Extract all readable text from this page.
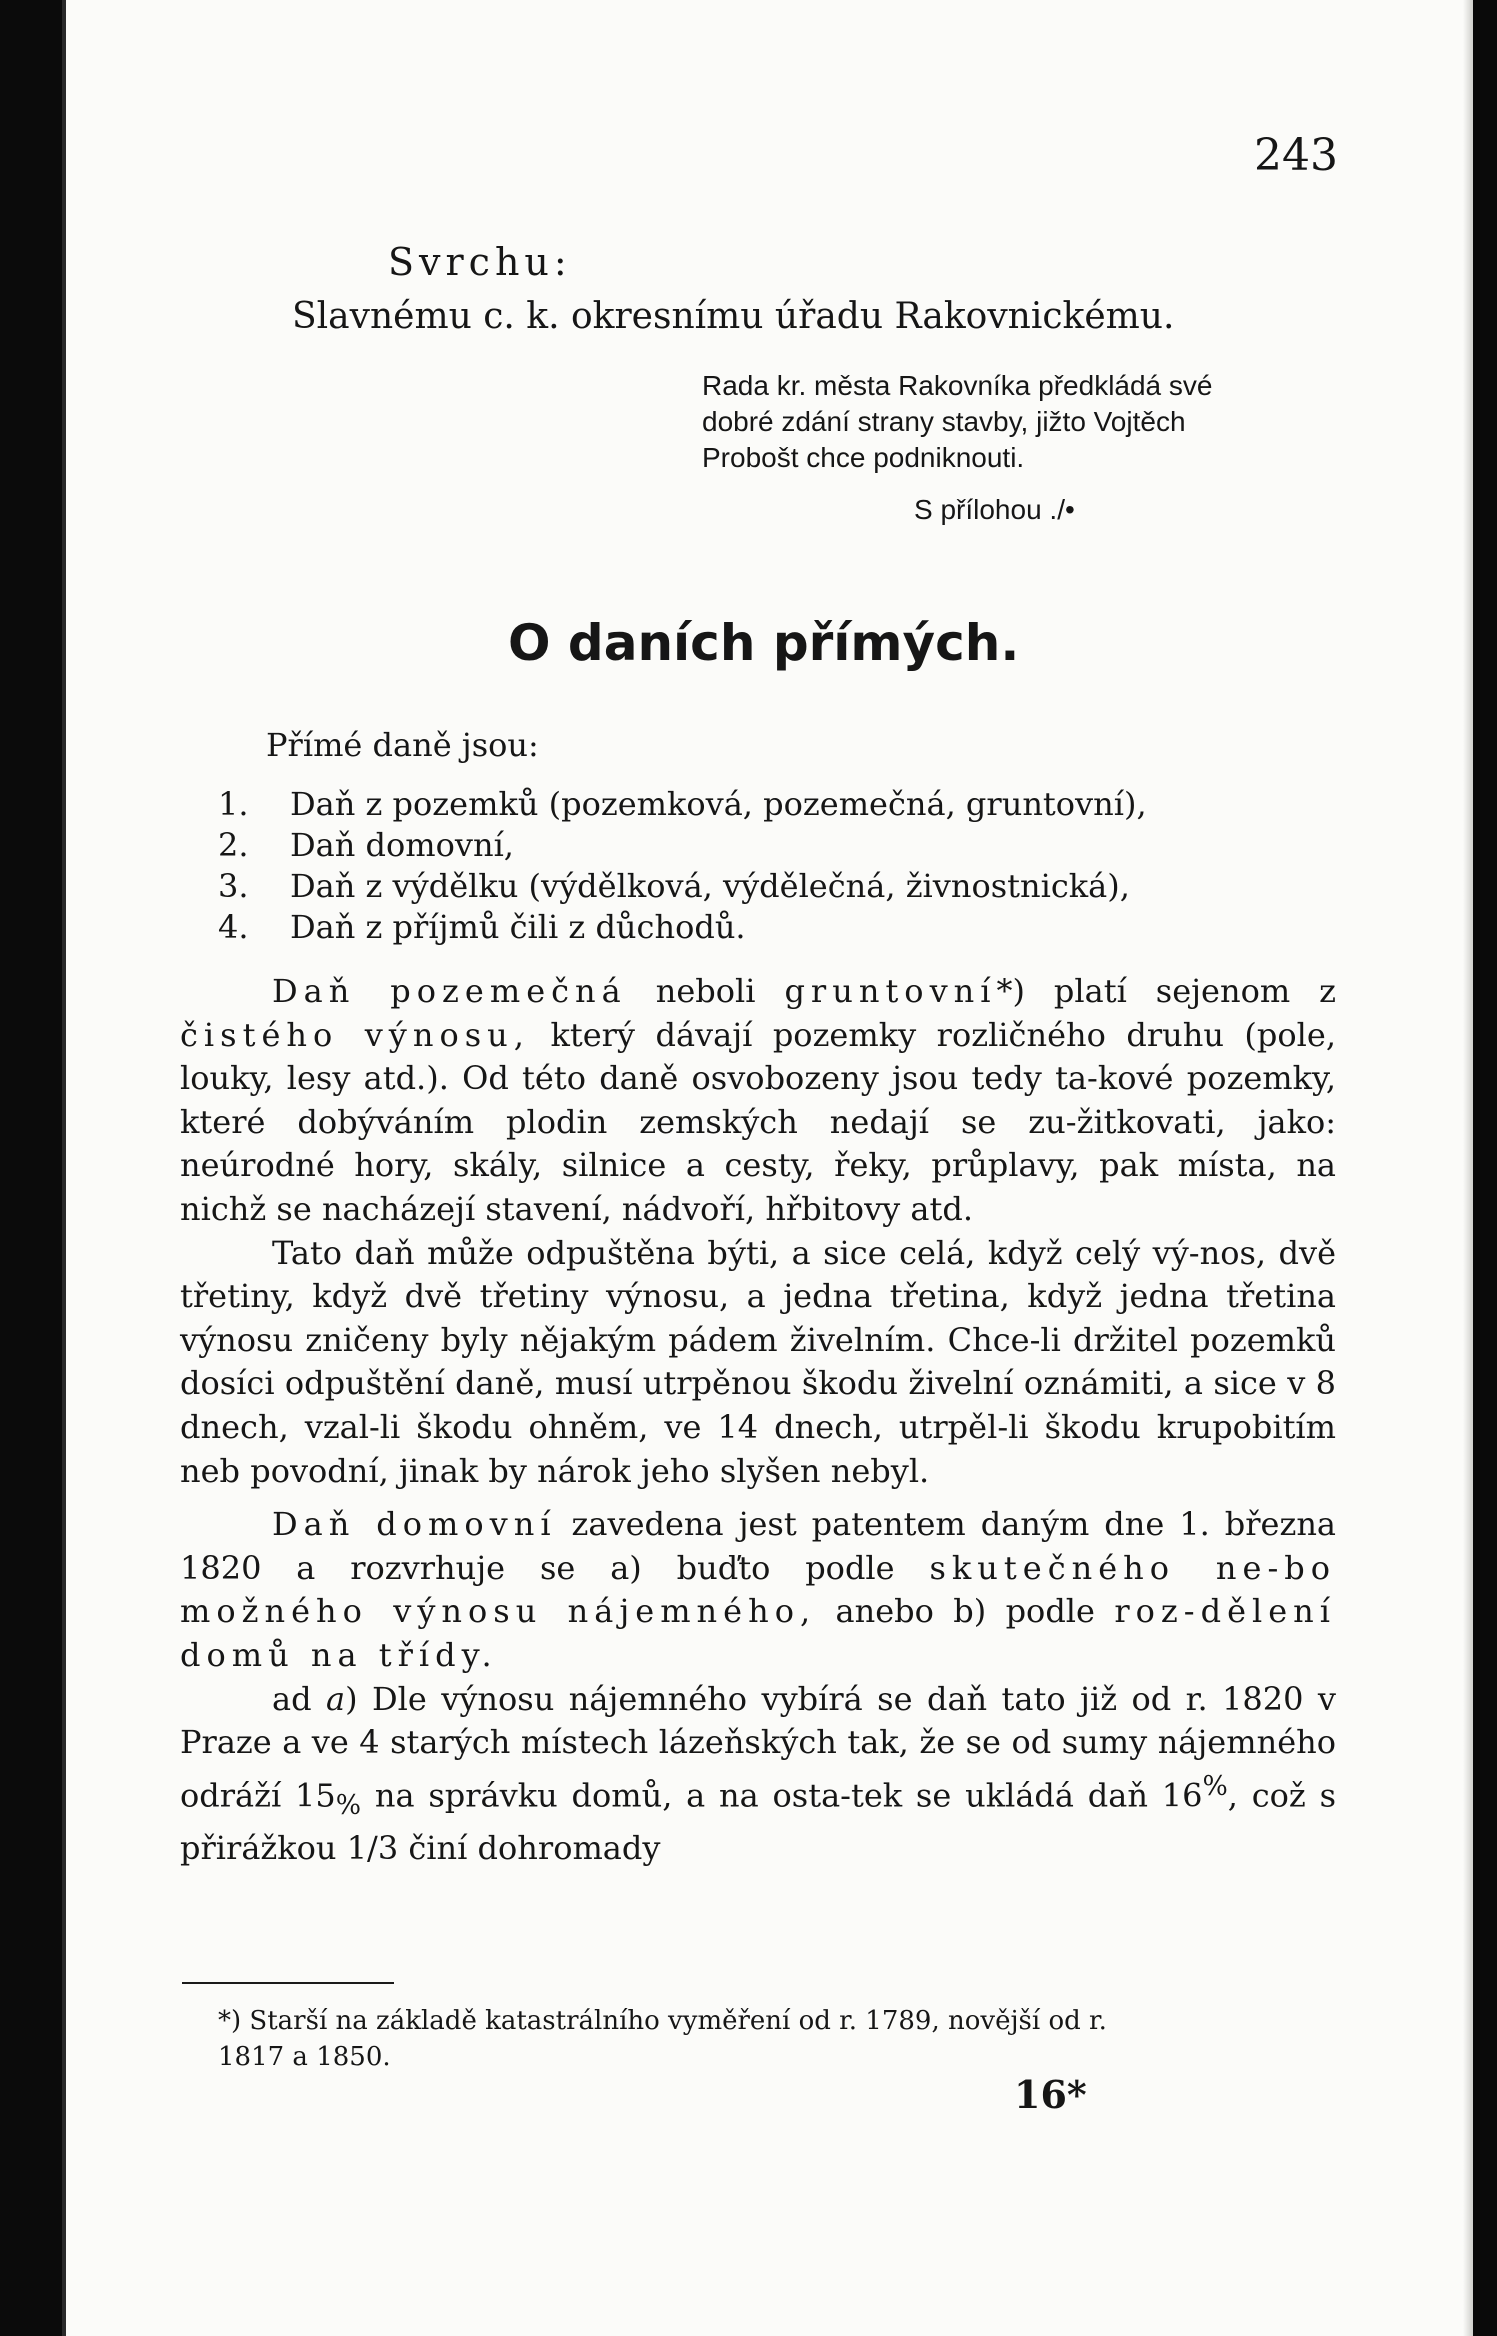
243
Svrchu:
Slavnému c. k. okresnímu úřadu Rakovnickému.

Rada kr. města Rakovníka předkládá své

dobré zdání strany stavby, jižto Vojtěch

Probošt chce podniknouti.

S přílohou ./•
O daních přímých.
Přímé daně jsou:
1. Daň z pozemků (pozemková, pozemečná, gruntovní),
2. Daň domovní,
3. Daň z výdělku (výdělková, výdělečná, živnostnická),
4. Daň z příjmů čili z důchodů.

Daň pozemečná neboli gruntovní*) platí sejenom z čistého výnosu, který dávají pozemky rozličného druhu (pole, louky, lesy atd.). Od této daně osvobozeny jsou tedy ta-kové pozemky, které dobýváním plodin zemských nedají se zu-žitkovati, jako: neúrodné hory, skály, silnice a cesty, řeky, průplavy, pak místa, na nichž se nacházejí stavení, nádvoří, hřbitovy atd.

Tato daň může odpuštěna býti, a sice celá, když celý vý-nos, dvě třetiny, když dvě třetiny výnosu, a jedna třetina, když jedna třetina výnosu zničeny byly nějakým pádem živelním. Chce-li držitel pozemků dosíci odpuštění daně, musí utrpěnou škodu živelní oznámiti, a sice v 8 dnech, vzal-li škodu ohněm, ve 14 dnech, utrpěl-li škodu krupobitím neb povodní, jinak by nárok jeho slyšen nebyl.

Daň domovní zavedena jest patentem daným dne 1. března 1820 a rozvrhuje se a) buďto podle skutečného ne-bo možného výnosu nájemného, anebo b) podle roz-dělení domů na třídy.

ad a) Dle výnosu nájemného vybírá se daň tato již od r. 1820 v Praze a ve 4 starých místech lázeňských tak, že se od sumy nájemného odráží $15_{\%}$ na správku domů, a na osta-tek se ukládá daň 16%, což s přirážkou 1/3 činí dohromady

*) Starší na základě katastrálního vyměření od r. 1789, novější od r.

1817 a 1850.

16*
